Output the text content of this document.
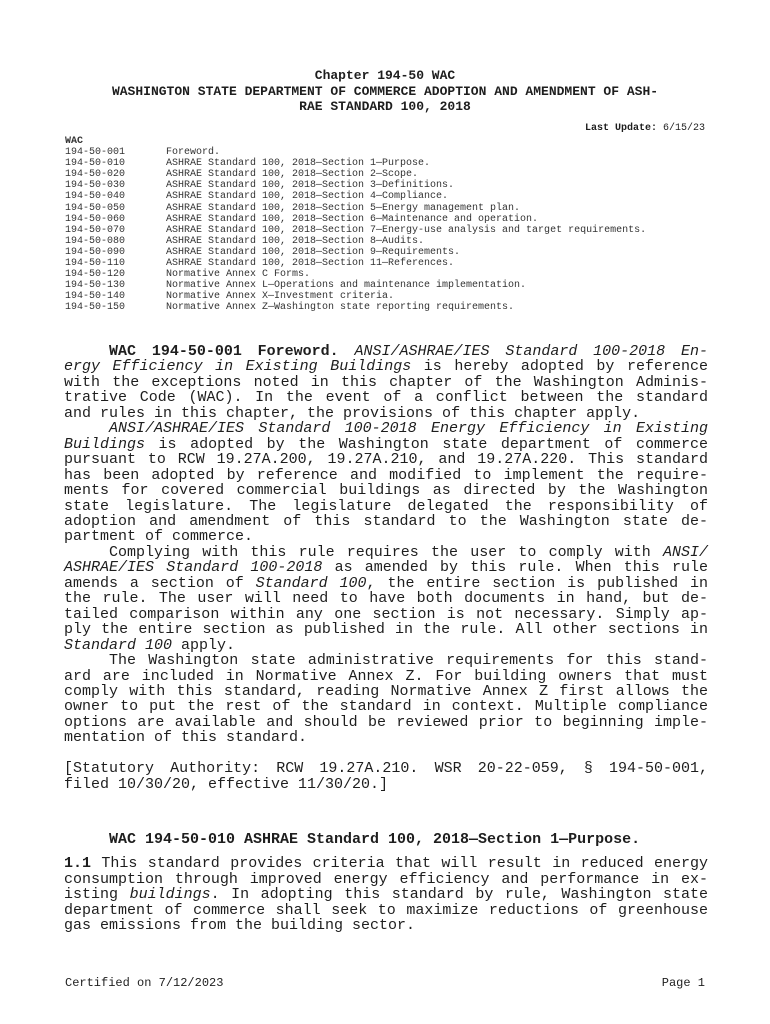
Chapter 194-50 WAC
WASHINGTON STATE DEPARTMENT OF COMMERCE ADOPTION AND AMENDMENT OF ASH-
RAE STANDARD 100, 2018
Last Update: 6/15/23
WAC
194-50-001	Foreword.
194-50-010	ASHRAE Standard 100, 2018—Section 1—Purpose.
194-50-020	ASHRAE Standard 100, 2018—Section 2—Scope.
194-50-030	ASHRAE Standard 100, 2018—Section 3—Definitions.
194-50-040	ASHRAE Standard 100, 2018—Section 4—Compliance.
194-50-050	ASHRAE Standard 100, 2018—Section 5—Energy management plan.
194-50-060	ASHRAE Standard 100, 2018—Section 6—Maintenance and operation.
194-50-070	ASHRAE Standard 100, 2018—Section 7—Energy-use analysis and target requirements.
194-50-080	ASHRAE Standard 100, 2018—Section 8—Audits.
194-50-090	ASHRAE Standard 100, 2018—Section 9—Requirements.
194-50-110	ASHRAE Standard 100, 2018—Section 11—References.
194-50-120	Normative Annex C Forms.
194-50-130	Normative Annex L—Operations and maintenance implementation.
194-50-140	Normative Annex X—Investment criteria.
194-50-150	Normative Annex Z—Washington state reporting requirements.
WAC 194-50-001 Foreword. ANSI/ASHRAE/IES Standard 100-2018 En-
ergy Efficiency in Existing Buildings is hereby adopted by reference
with the exceptions noted in this chapter of the Washington Adminis-
trative Code (WAC). In the event of a conflict between the standard
and rules in this chapter, the provisions of this chapter apply.
ANSI/ASHRAE/IES Standard 100-2018 Energy Efficiency in Existing
Buildings is adopted by the Washington state department of commerce
pursuant to RCW 19.27A.200, 19.27A.210, and 19.27A.220. This standard
has been adopted by reference and modified to implement the require-
ments for covered commercial buildings as directed by the Washington
state legislature. The legislature delegated the responsibility of
adoption and amendment of this standard to the Washington state de-
partment of commerce.
Complying with this rule requires the user to comply with ANSI/
ASHRAE/IES Standard 100-2018 as amended by this rule. When this rule
amends a section of Standard 100, the entire section is published in
the rule. The user will need to have both documents in hand, but de-
tailed comparison within any one section is not necessary. Simply ap-
ply the entire section as published in the rule. All other sections in
Standard 100 apply.
The Washington state administrative requirements for this stand-
ard are included in Normative Annex Z. For building owners that must
comply with this standard, reading Normative Annex Z first allows the
owner to put the rest of the standard in context. Multiple compliance
options are available and should be reviewed prior to beginning imple-
mentation of this standard.
[Statutory Authority: RCW 19.27A.210. WSR 20-22-059, § 194-50-001,
filed 10/30/20, effective 11/30/20.]
WAC 194-50-010 ASHRAE Standard 100, 2018—Section 1—Purpose.
1.1 This standard provides criteria that will result in reduced energy
consumption through improved energy efficiency and performance in ex-
isting buildings. In adopting this standard by rule, Washington state
department of commerce shall seek to maximize reductions of greenhouse
gas emissions from the building sector.
Certified on 7/12/2023	Page 1
